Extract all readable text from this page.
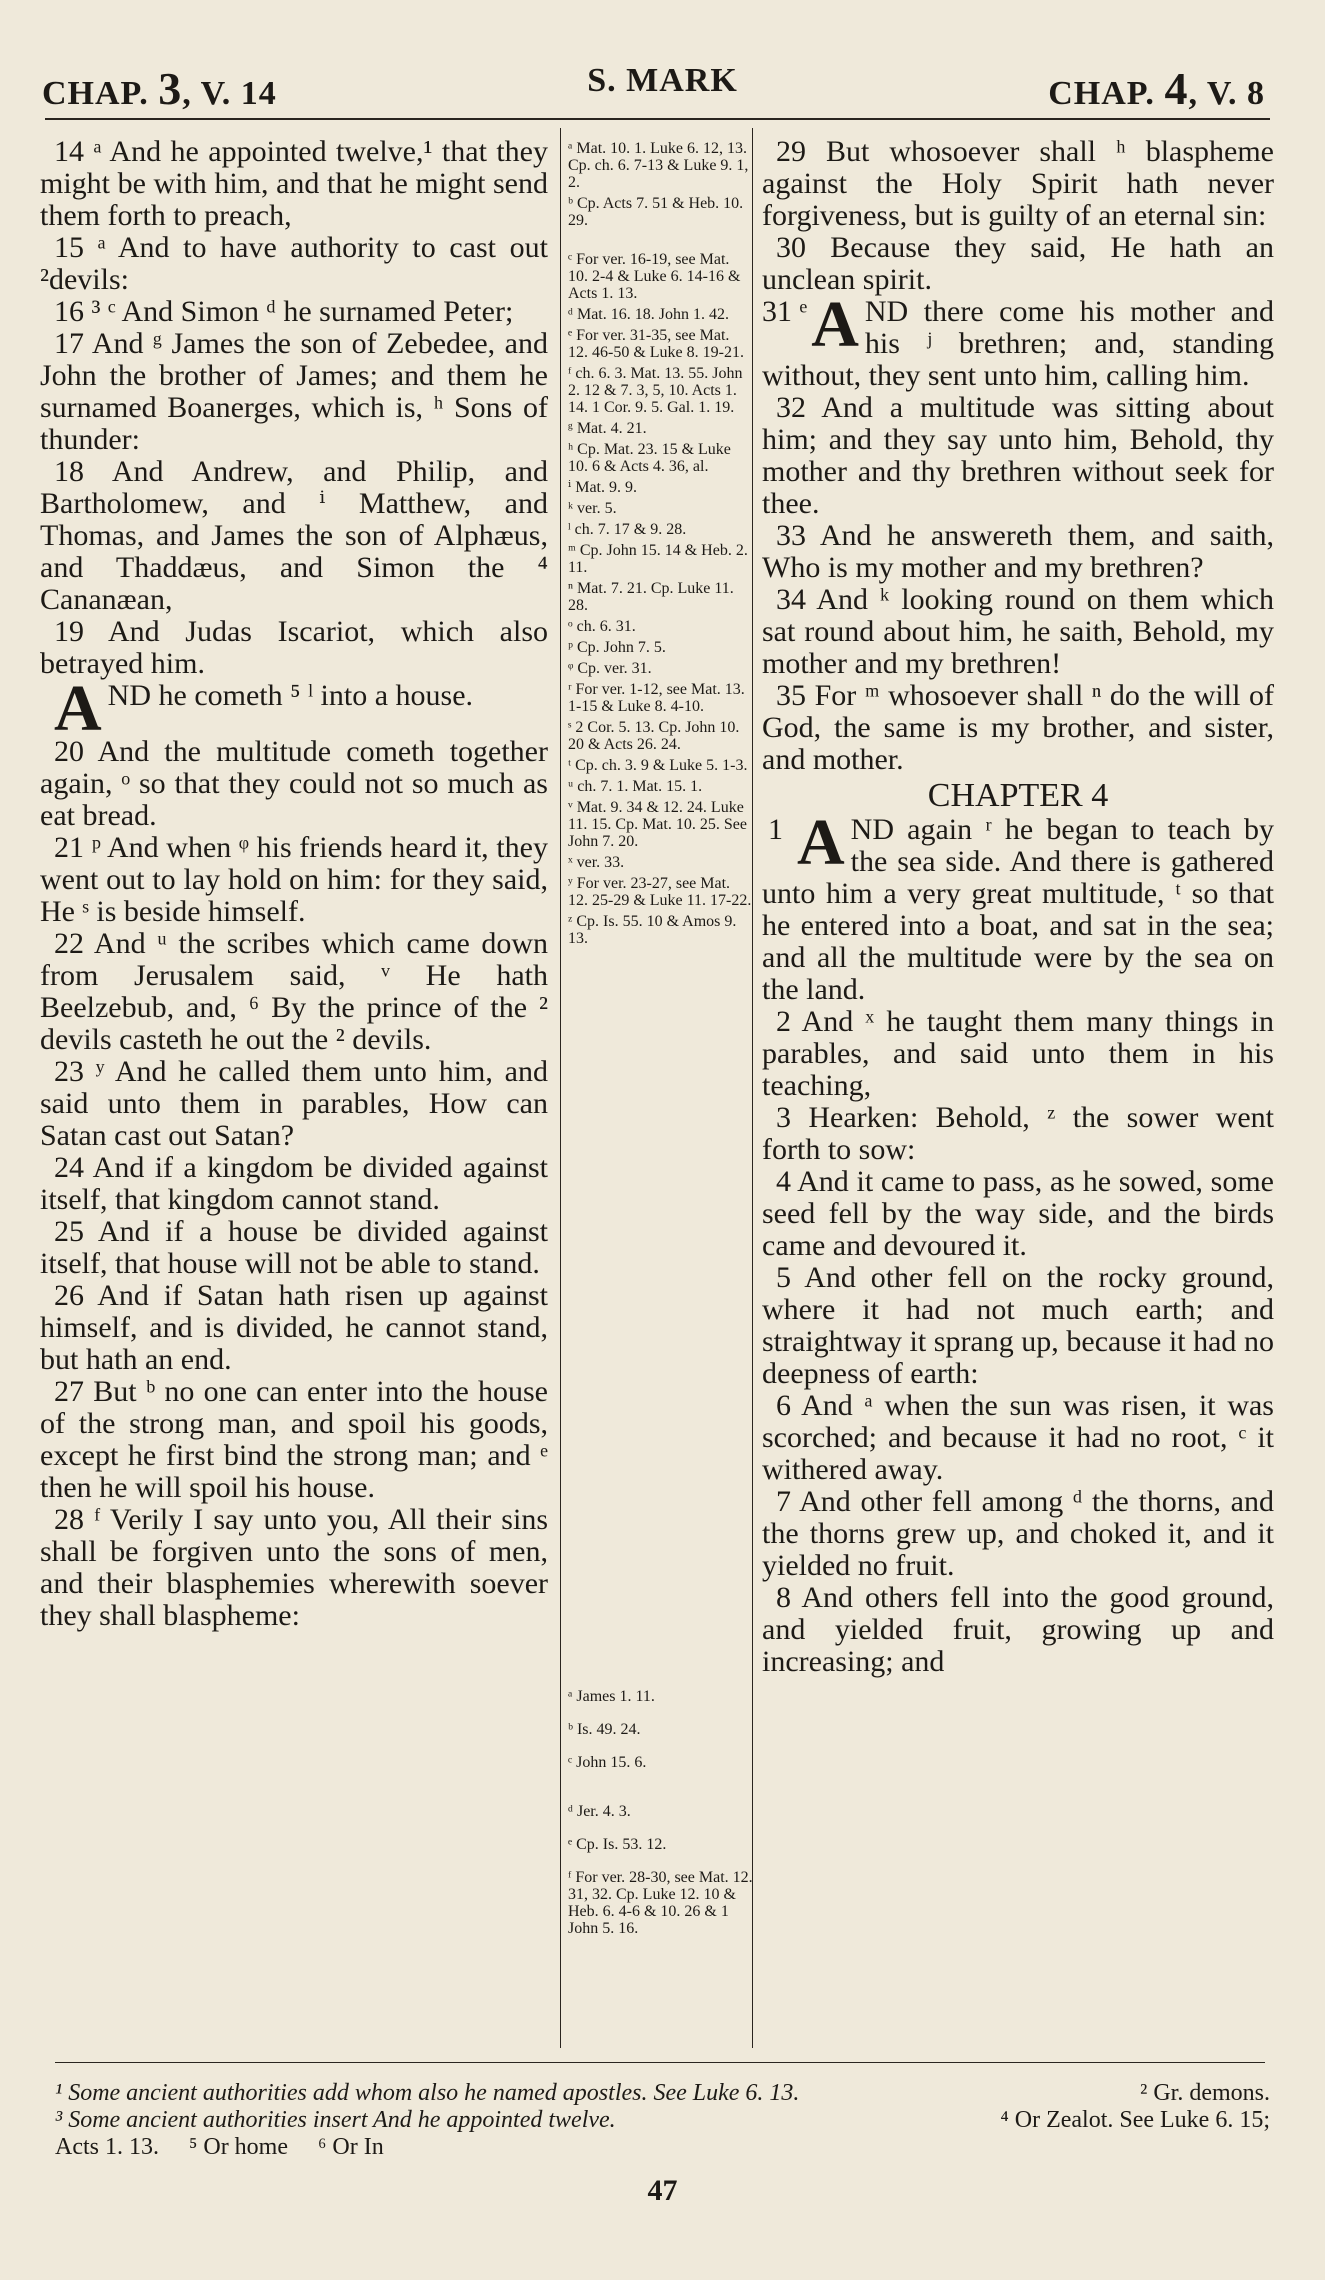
CHAP. 3, V. 14	S. MARK	CHAP. 4, V. 8

14 ᵃ And he appointed twelve,¹ that they might be with him, and that he might send them forth to preach,

15 ᵃ And to have authority to cast out ²devils:

16 ³ ᶜ And Simon ᵈ he surnamed Peter;

17 And ᵍ James the son of Zebedee, and John the brother of James; and them he surnamed Boanerges, which is, ʰ Sons of thunder:

18 And Andrew, and Philip, and Bartholomew, and ⁱ Matthew, and Thomas, and James the son of Alphæus, and Thaddæus, and Simon the ⁴ Cananæan,

19 And Judas Iscariot, which also betrayed him.

AND he cometh ⁵ ˡ into a house.

20 And the multitude cometh together again, ᵒ so that they could not so much as eat bread.

21 ᵖ And when ᵠ his friends heard it, they went out to lay hold on him: for they said, He ˢ is beside himself.

22 And ᵘ the scribes which came down from Jerusalem said, ᵛ He hath Beelzebub, and, ⁶ By the prince of the ² devils casteth he out the ² devils.

23 ʸ And he called them unto him, and said unto them in parables, How can Satan cast out Satan?

24 And if a kingdom be divided against itself, that kingdom cannot stand.

25 And if a house be divided against itself, that house will not be able to stand.

26 And if Satan hath risen up against himself, and is divided, he cannot stand, but hath an end.

27 But ᵇ no one can enter into the house of the strong man, and spoil his goods, except he first bind the strong man; and ᵉ then he will spoil his house.

28 ᶠ Verily I say unto you, All their sins shall be forgiven unto the sons of men, and their blasphemies wherewith soever they shall blaspheme:

ᵃ Mat. 10. 1. Luke 6. 12, 13. Cp. ch. 6. 7-13 & Luke 9. 1, 2.

ᵇ Cp. Acts 7. 51 & Heb. 10. 29.

ᶜ For ver. 16-19, see Mat. 10. 2-4 & Luke 6. 14-16 & Acts 1. 13.

ᵈ Mat. 16. 18. John 1. 42.

ᵉ For ver. 31-35, see Mat. 12. 46-50 & Luke 8. 19-21.

ᶠ ch. 6. 3. Mat. 13. 55. John 2. 12 & 7. 3, 5, 10. Acts 1. 14. 1 Cor. 9. 5. Gal. 1. 19.

ᵍ Mat. 4. 21.

ʰ Cp. Mat. 23. 15 & Luke 10. 6 & Acts 4. 36, al.

ⁱ Mat. 9. 9.

ᵏ ver. 5.

ˡ ch. 7. 17 & 9. 28.

ᵐ Cp. John 15. 14 & Heb. 2. 11.

ⁿ Mat. 7. 21. Cp. Luke 11. 28.

ᵒ ch. 6. 31.

ᵖ Cp. John 7. 5.

ᵠ Cp. ver. 31.

ʳ For ver. 1-12, see Mat. 13. 1-15 & Luke 8. 4-10.

ˢ 2 Cor. 5. 13. Cp. John 10. 20 & Acts 26. 24.

ᵗ Cp. ch. 3. 9 & Luke 5. 1-3.

ᵘ ch. 7. 1. Mat. 15. 1.

ᵛ Mat. 9. 34 & 12. 24. Luke 11. 15. Cp. Mat. 10. 25. See John 7. 20.

ˣ ver. 33.

ʸ For ver. 23-27, see Mat. 12. 25-29 & Luke 11. 17-22.

ᶻ Cp. Is. 55. 10 & Amos 9. 13.

ᵃ James 1. 11.

ᵇ Is. 49. 24.

ᶜ John 15. 6.

ᵈ Jer. 4. 3.

ᵉ Cp. Is. 53. 12.

ᶠ For ver. 28-30, see Mat. 12. 31, 32. Cp. Luke 12. 10 & Heb. 6. 4-6 & 10. 26 & 1 John 5. 16.

29 But whosoever shall ʰ blaspheme against the Holy Spirit hath never forgiveness, but is guilty of an eternal sin:

30 Because they said, He hath an unclean spirit.

31 ᵉ A ND there come his mother and his ʲ brethren; and, standing without, they sent unto him, calling him.

32 And a multitude was sitting about him; and they say unto him, Behold, thy mother and thy brethren without seek for thee.

33 And he answereth them, and saith, Who is my mother and my brethren?

34 And ᵏ looking round on them which sat round about him, he saith, Behold, my mother and my brethren!

35 For ᵐ whosoever shall ⁿ do the will of God, the same is my brother, and sister, and mother.

CHAPTER 4

1 A ND again ʳ he began to teach by the sea side. And there is gathered unto him a very great multitude, ᵗ so that he entered into a boat, and sat in the sea; and all the multitude were by the sea on the land.

2 And ˣ he taught them many things in parables, and said unto them in his teaching,

3 Hearken: Behold, ᶻ the sower went forth to sow:

4 And it came to pass, as he sowed, some seed fell by the way side, and the birds came and devoured it.

5 And other fell on the rocky ground, where it had not much earth; and straightway it sprang up, because it had no deepness of earth:

6 And ᵃ when the sun was risen, it was scorched; and because it had no root, ᶜ it withered away.

7 And other fell among ᵈ the thorns, and the thorns grew up, and choked it, and it yielded no fruit.

8 And others fell into the good ground, and yielded fruit, growing up and increasing; and

¹ Some ancient authorities add whom also he named apostles. See Luke 6. 13.	² Gr. demons.

³ Some ancient authorities insert And he appointed twelve.	⁴ Or Zealot. See Luke 6. 15;

Acts 1. 13.     ⁵ Or home     ⁶ Or In

47
